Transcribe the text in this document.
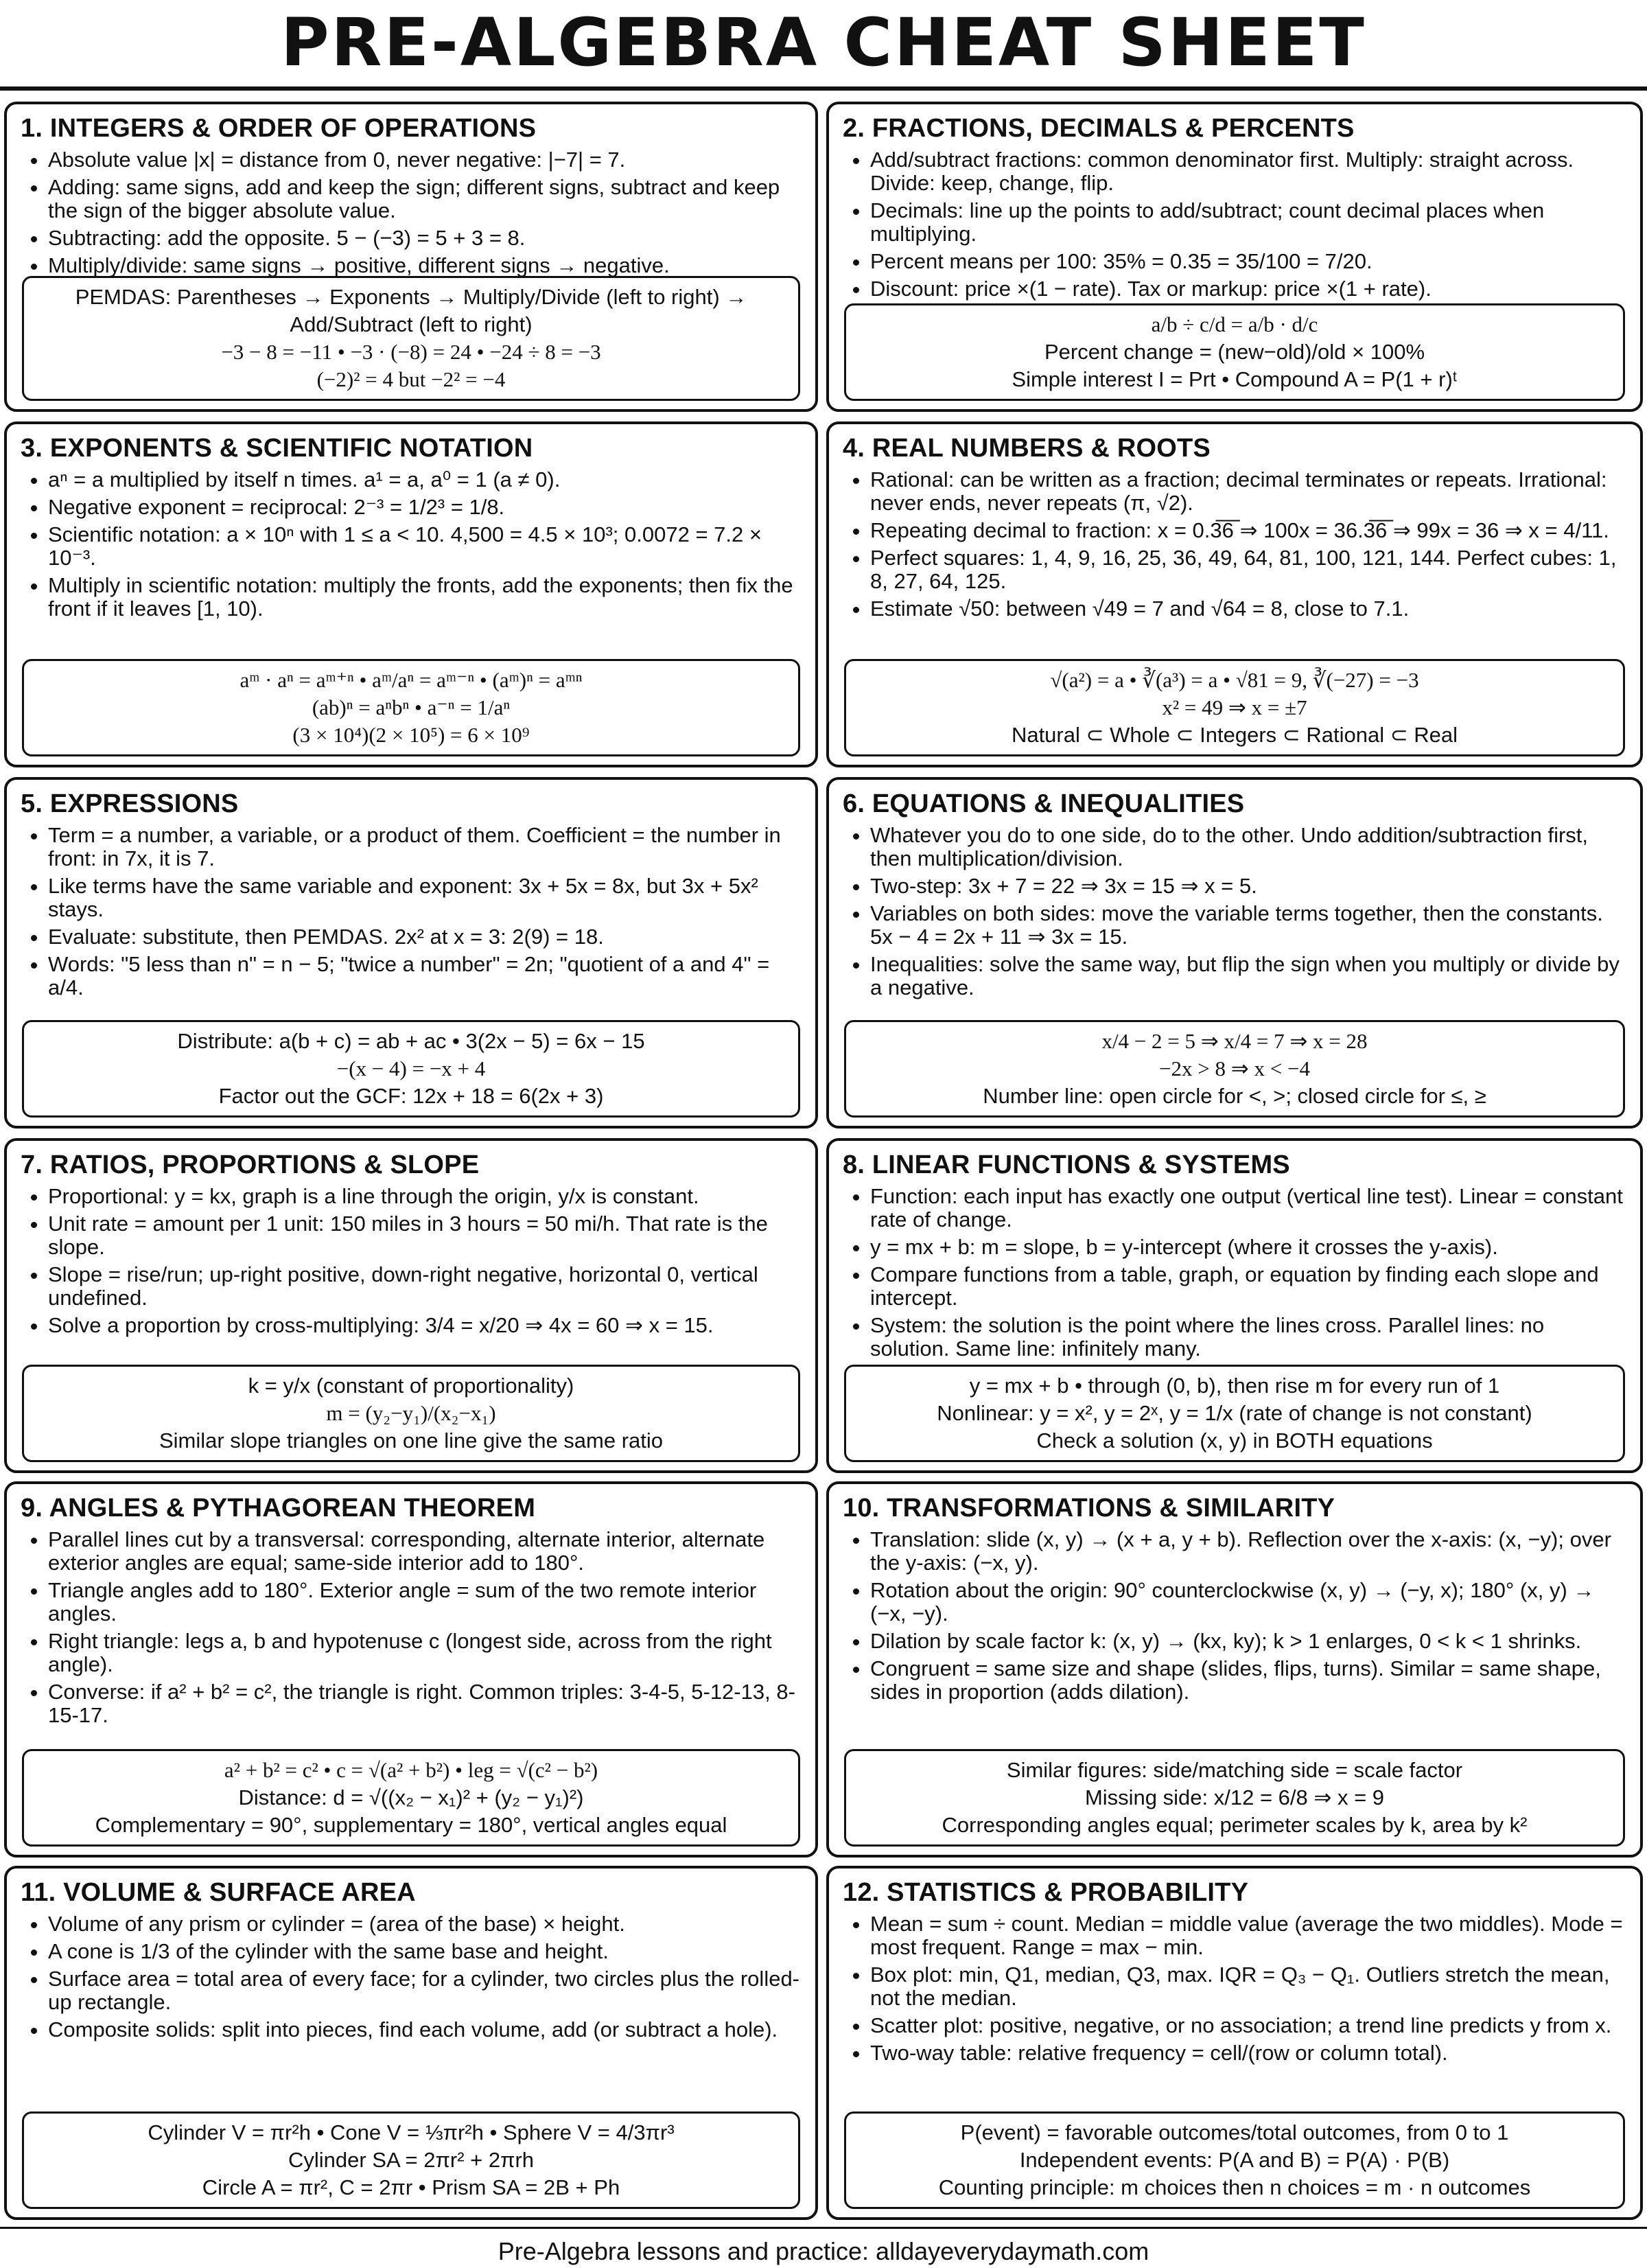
PRE-ALGEBRA CHEAT SHEET
1. INTEGERS & ORDER OF OPERATIONS
• Absolute value |x| = distance from 0, never negative: |−7| = 7.
• Adding: same signs, add and keep the sign; different signs, subtract and keep the sign of the bigger absolute value.
• Subtracting: add the opposite. 5 − (−3) = 5 + 3 = 8.
• Multiply/divide: same signs → positive, different signs → negative.
PEMDAS: Parentheses → Exponents → Multiply/Divide (left to right) → Add/Subtract (left to right)
−3 − 8 = −11 • −3 · (−8) = 24 • −24 ÷ 8 = −3
(−2)² = 4 but −2² = −4
2. FRACTIONS, DECIMALS & PERCENTS
• Add/subtract fractions: common denominator first. Multiply: straight across. Divide: keep, change, flip.
• Decimals: line up the points to add/subtract; count decimal places when multiplying.
• Percent means per 100: 35% = 0.35 = 35/100 = 7/20.
• Discount: price ×(1 − rate). Tax or markup: price ×(1 + rate).
a/b ÷ c/d = a/b · d/c
Percent change = (new−old)/old × 100%
Simple interest I = Prt • Compound A = P(1 + r)ᵗ
3. EXPONENTS & SCIENTIFIC NOTATION
• aⁿ = a multiplied by itself n times. a¹ = a, a⁰ = 1 (a ≠ 0).
• Negative exponent = reciprocal: 2⁻³ = 1/2³ = 1/8.
• Scientific notation: a × 10ⁿ with 1 ≤ a < 10. 4,500 = 4.5 × 10³; 0.0072 = 7.2 × 10⁻³.
• Multiply in scientific notation: multiply the fronts, add the exponents; then fix the front if it leaves [1, 10).
aᵐ · aⁿ = aᵐ⁺ⁿ • aᵐ/aⁿ = aᵐ⁻ⁿ • (aᵐ)ⁿ = aᵐⁿ
(ab)ⁿ = aⁿbⁿ • a⁻ⁿ = 1/aⁿ
(3 × 10⁴)(2 × 10⁵) = 6 × 10⁹
4. REAL NUMBERS & ROOTS
• Rational: can be written as a fraction; decimal terminates or repeats. Irrational: never ends, never repeats (π, √2).
• Repeating decimal to fraction: x = 0.3̅6̅ ⇒ 100x = 36.3̅6̅ ⇒ 99x = 36 ⇒ x = 4/11.
• Perfect squares: 1, 4, 9, 16, 25, 36, 49, 64, 81, 100, 121, 144. Perfect cubes: 1, 8, 27, 64, 125.
• Estimate √50: between √49 = 7 and √64 = 8, close to 7.1.
√(a²) = a • ∛(a³) = a • √81 = 9, ∛(−27) = −3
x² = 49 ⇒ x = ±7
Natural ⊂ Whole ⊂ Integers ⊂ Rational ⊂ Real
5. EXPRESSIONS
• Term = a number, a variable, or a product of them. Coefficient = the number in front: in 7x, it is 7.
• Like terms have the same variable and exponent: 3x + 5x = 8x, but 3x + 5x² stays.
• Evaluate: substitute, then PEMDAS. 2x² at x = 3: 2(9) = 18.
• Words: "5 less than n" = n − 5; "twice a number" = 2n; "quotient of a and 4" = a/4.
Distribute: a(b + c) = ab + ac • 3(2x − 5) = 6x − 15
−(x − 4) = −x + 4
Factor out the GCF: 12x + 18 = 6(2x + 3)
6. EQUATIONS & INEQUALITIES
• Whatever you do to one side, do to the other. Undo addition/subtraction first, then multiplication/division.
• Two-step: 3x + 7 = 22 ⇒ 3x = 15 ⇒ x = 5.
• Variables on both sides: move the variable terms together, then the constants. 5x − 4 = 2x + 11 ⇒ 3x = 15.
• Inequalities: solve the same way, but flip the sign when you multiply or divide by a negative.
x/4 − 2 = 5 ⇒ x/4 = 7 ⇒ x = 28
−2x > 8 ⇒ x < −4
Number line: open circle for <, >; closed circle for ≤, ≥
7. RATIOS, PROPORTIONS & SLOPE
• Proportional: y = kx, graph is a line through the origin, y/x is constant.
• Unit rate = amount per 1 unit: 150 miles in 3 hours = 50 mi/h. That rate is the slope.
• Slope = rise/run; up-right positive, down-right negative, horizontal 0, vertical undefined.
• Solve a proportion by cross-multiplying: 3/4 = x/20 ⇒ 4x = 60 ⇒ x = 15.
k = y/x (constant of proportionality)
m = (y₂−y₁)/(x₂−x₁)
Similar slope triangles on one line give the same ratio
8. LINEAR FUNCTIONS & SYSTEMS
• Function: each input has exactly one output (vertical line test). Linear = constant rate of change.
• y = mx + b: m = slope, b = y-intercept (where it crosses the y-axis).
• Compare functions from a table, graph, or equation by finding each slope and intercept.
• System: the solution is the point where the lines cross. Parallel lines: no solution. Same line: infinitely many.
y = mx + b • through (0, b), then rise m for every run of 1
Nonlinear: y = x², y = 2ˣ, y = 1/x (rate of change is not constant)
Check a solution (x, y) in BOTH equations
9. ANGLES & PYTHAGOREAN THEOREM
• Parallel lines cut by a transversal: corresponding, alternate interior, alternate exterior angles are equal; same-side interior add to 180°.
• Triangle angles add to 180°. Exterior angle = sum of the two remote interior angles.
• Right triangle: legs a, b and hypotenuse c (longest side, across from the right angle).
• Converse: if a² + b² = c², the triangle is right. Common triples: 3-4-5, 5-12-13, 8-15-17.
a² + b² = c² • c = √(a² + b²) • leg = √(c² − b²)
Distance: d = √((x₂ − x₁)² + (y₂ − y₁)²)
Complementary = 90°, supplementary = 180°, vertical angles equal
10. TRANSFORMATIONS & SIMILARITY
• Translation: slide (x, y) → (x + a, y + b). Reflection over the x-axis: (x, −y); over the y-axis: (−x, y).
• Rotation about the origin: 90° counterclockwise (x, y) → (−y, x); 180° (x, y) → (−x, −y).
• Dilation by scale factor k: (x, y) → (kx, ky); k > 1 enlarges, 0 < k < 1 shrinks.
• Congruent = same size and shape (slides, flips, turns). Similar = same shape, sides in proportion (adds dilation).
Similar figures: side/matching side = scale factor
Missing side: x/12 = 6/8 ⇒ x = 9
Corresponding angles equal; perimeter scales by k, area by k²
11. VOLUME & SURFACE AREA
• Volume of any prism or cylinder = (area of the base) × height.
• A cone is 1/3 of the cylinder with the same base and height.
• Surface area = total area of every face; for a cylinder, two circles plus the rolled-up rectangle.
• Composite solids: split into pieces, find each volume, add (or subtract a hole).
Cylinder V = πr²h • Cone V = ⅓πr²h • Sphere V = 4/3πr³
Cylinder SA = 2πr² + 2πrh
Circle A = πr², C = 2πr • Prism SA = 2B + Ph
12. STATISTICS & PROBABILITY
• Mean = sum ÷ count. Median = middle value (average the two middles). Mode = most frequent. Range = max − min.
• Box plot: min, Q1, median, Q3, max. IQR = Q₃ − Q₁. Outliers stretch the mean, not the median.
• Scatter plot: positive, negative, or no association; a trend line predicts y from x.
• Two-way table: relative frequency = cell/(row or column total).
P(event) = favorable outcomes/total outcomes, from 0 to 1
Independent events: P(A and B) = P(A) · P(B)
Counting principle: m choices then n choices = m · n outcomes
Pre-Algebra lessons and practice: alldayeverydaymath.com
